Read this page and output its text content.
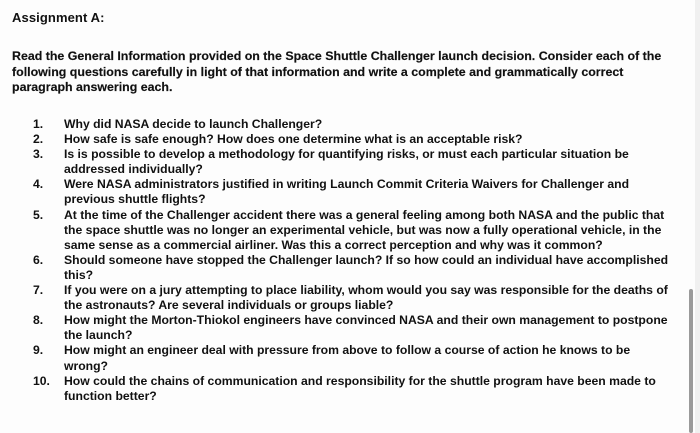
Assignment A:
Read the General Information provided on the Space Shuttle Challenger launch decision. Consider each of the following questions carefully in light of that information and write a complete and grammatically correct paragraph answering each.
1.	Why did NASA decide to launch Challenger?
2.	How safe is safe enough? How does one determine what is an acceptable risk?
3.	Is is possible to develop a methodology for quantifying risks, or must each particular situation be addressed individually?
4.	Were NASA administrators justified in writing Launch Commit Criteria Waivers for Challenger and previous shuttle flights?
5.	At the time of the Challenger accident there was a general feeling among both NASA and the public that the space shuttle was no longer an experimental vehicle, but was now a fully operational vehicle, in the same sense as a commercial airliner. Was this a correct perception and why was it common?
6.	Should someone have stopped the Challenger launch? If so how could an individual have accomplished this?
7.	If you were on a jury attempting to place liability, whom would you say was responsible for the deaths of the astronauts? Are several individuals or groups liable?
8.	How might the Morton-Thiokol engineers have convinced NASA and their own management to postpone the launch?
9.	How might an engineer deal with pressure from above to follow a course of action he knows to be wrong?
10.	How could the chains of communication and responsibility for the shuttle program have been made to function better?
